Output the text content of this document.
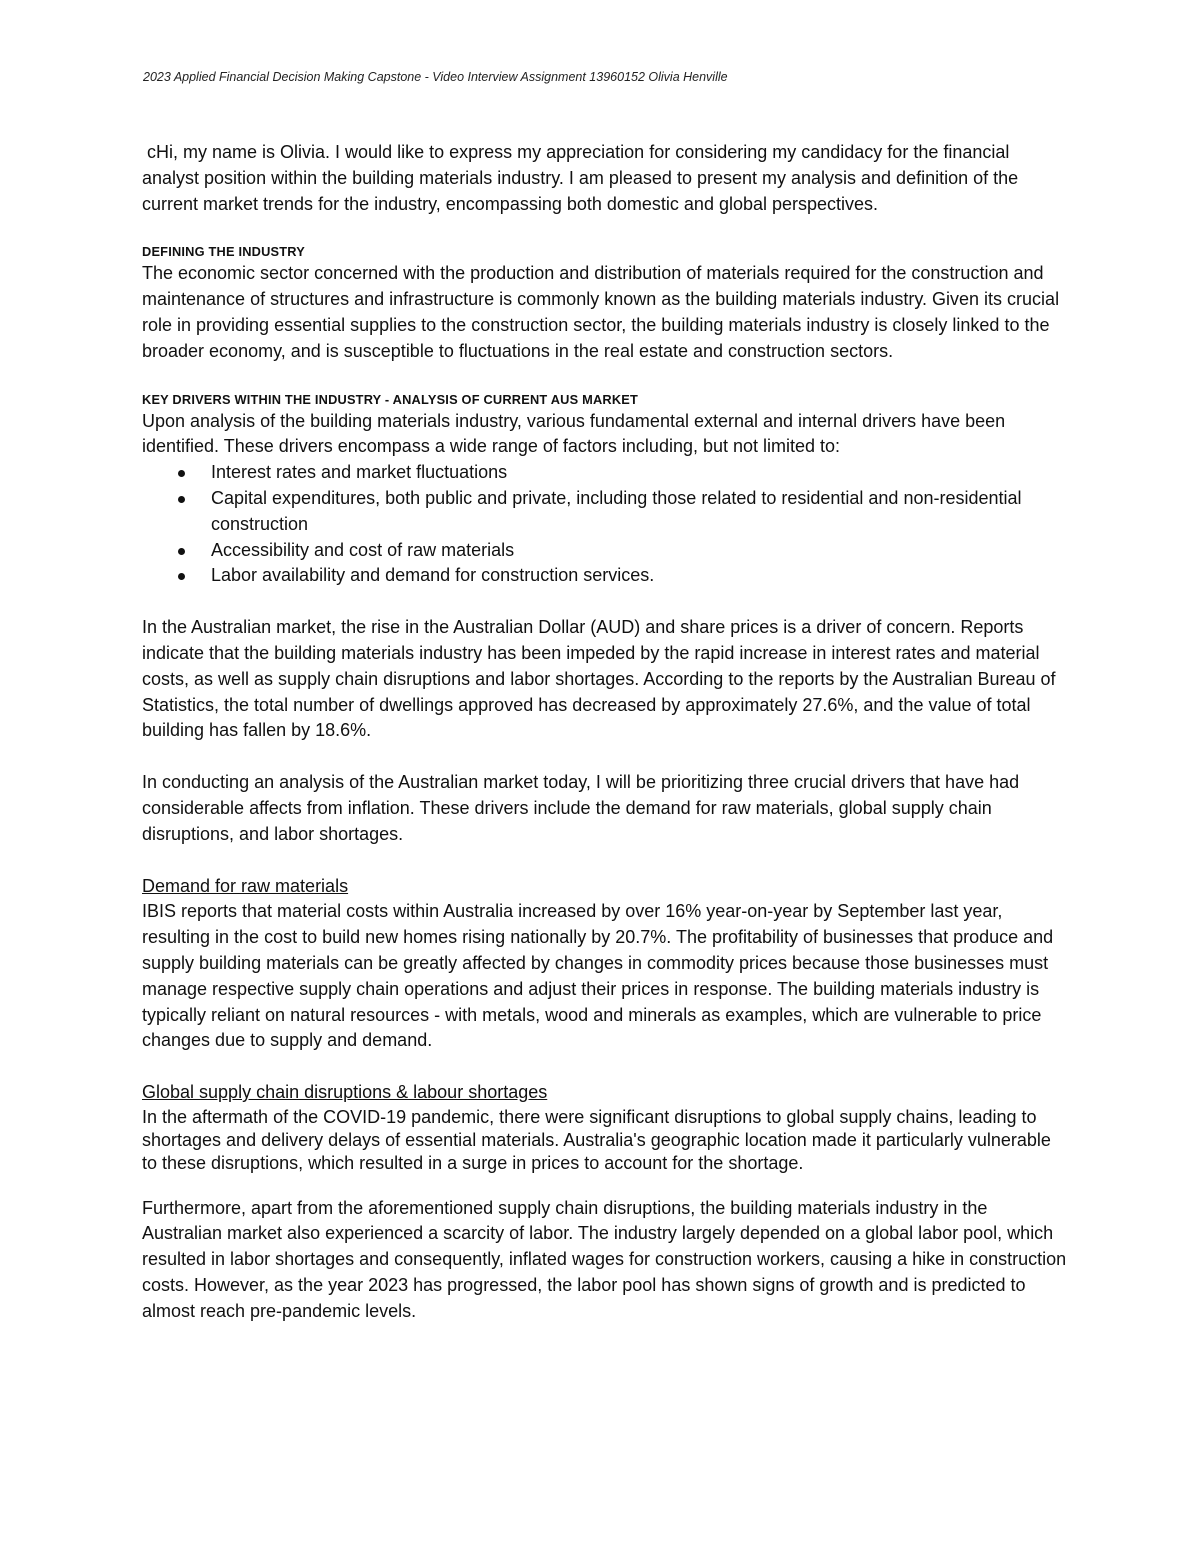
2023 Applied Financial Decision Making Capstone - Video Interview Assignment 13960152 Olivia Henville

cHi, my name is Olivia. I would like to express my appreciation for considering my candidacy for the financial analyst position within the building materials industry. I am pleased to present my analysis and definition of the current market trends for the industry, encompassing both domestic and global perspectives.

DEFINING THE INDUSTRY

The economic sector concerned with the production and distribution of materials required for the construction and maintenance of structures and infrastructure is commonly known as the building materials industry. Given its crucial role in providing essential supplies to the construction sector, the building materials industry is closely linked to the broader economy, and is susceptible to fluctuations in the real estate and construction sectors.

KEY DRIVERS WITHIN THE INDUSTRY - ANALYSIS OF CURRENT AUS MARKET

Upon analysis of the building materials industry, various fundamental external and internal drivers have been identified. These drivers encompass a wide range of factors including, but not limited to:

Interest rates and market fluctuations
Capital expenditures, both public and private, including those related to residential and non-residential construction
Accessibility and cost of raw materials
Labor availability and demand for construction services.

In the Australian market, the rise in the Australian Dollar (AUD) and share prices is a driver of concern. Reports indicate that the building materials industry has been impeded by the rapid increase in interest rates and material costs, as well as supply chain disruptions and labor shortages. According to the reports by the Australian Bureau of Statistics, the total number of dwellings approved has decreased by approximately 27.6%, and the value of total building has fallen by 18.6%.

In conducting an analysis of the Australian market today, I will be prioritizing three crucial drivers that have had considerable affects from inflation. These drivers include the demand for raw materials, global supply chain disruptions, and labor shortages.

Demand for raw materials

IBIS reports that material costs within Australia increased by over 16% year-on-year by September last year, resulting in the cost to build new homes rising nationally by 20.7%. The profitability of businesses that produce and supply building materials can be greatly affected by changes in commodity prices because those businesses must manage respective supply chain operations and adjust their prices in response. The building materials industry is typically reliant on natural resources - with metals, wood and minerals as examples, which are vulnerable to price changes due to supply and demand.

Global supply chain disruptions & labour shortages

In the aftermath of the COVID-19 pandemic, there were significant disruptions to global supply chains, leading to shortages and delivery delays of essential materials. Australia's geographic location made it particularly vulnerable to these disruptions, which resulted in a surge in prices to account for the shortage.

Furthermore, apart from the aforementioned supply chain disruptions, the building materials industry in the Australian market also experienced a scarcity of labor. The industry largely depended on a global labor pool, which resulted in labor shortages and consequently, inflated wages for construction workers, causing a hike in construction costs. However, as the year 2023 has progressed, the labor pool has shown signs of growth and is predicted to almost reach pre-pandemic levels.
